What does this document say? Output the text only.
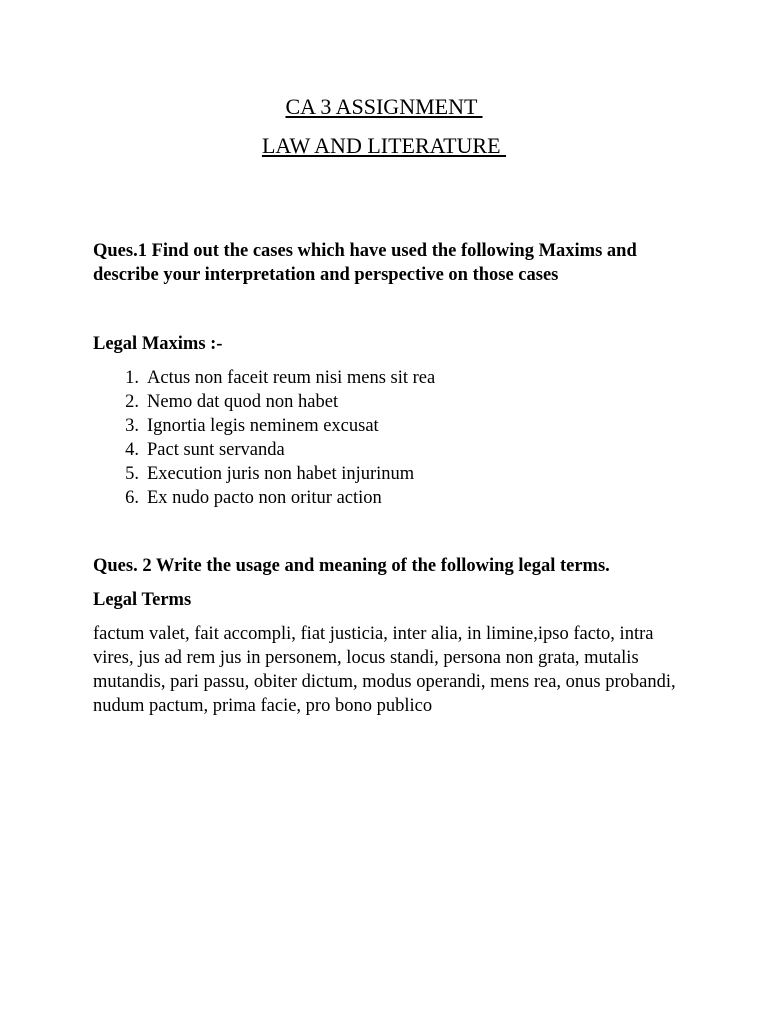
CA 3 ASSIGNMENT
LAW AND LITERATURE
Ques.1 Find out the cases which have used the following Maxims and describe your interpretation and perspective on those cases
Legal Maxims :-
1. Actus non faceit reum nisi mens sit rea
2. Nemo dat quod non habet
3. Ignortia legis neminem excusat
4. Pact sunt servanda
5. Execution juris non habet injurinum
6. Ex nudo pacto non oritur action
Ques. 2 Write the usage and meaning of the following legal terms.
Legal Terms
factum valet, fait accompli, fiat justicia, inter alia, in limine,ipso facto, intra vires, jus ad rem jus in personem, locus standi, persona non grata, mutalis mutandis, pari passu, obiter dictum, modus operandi, mens rea, onus probandi, nudum pactum, prima facie, pro bono publico
